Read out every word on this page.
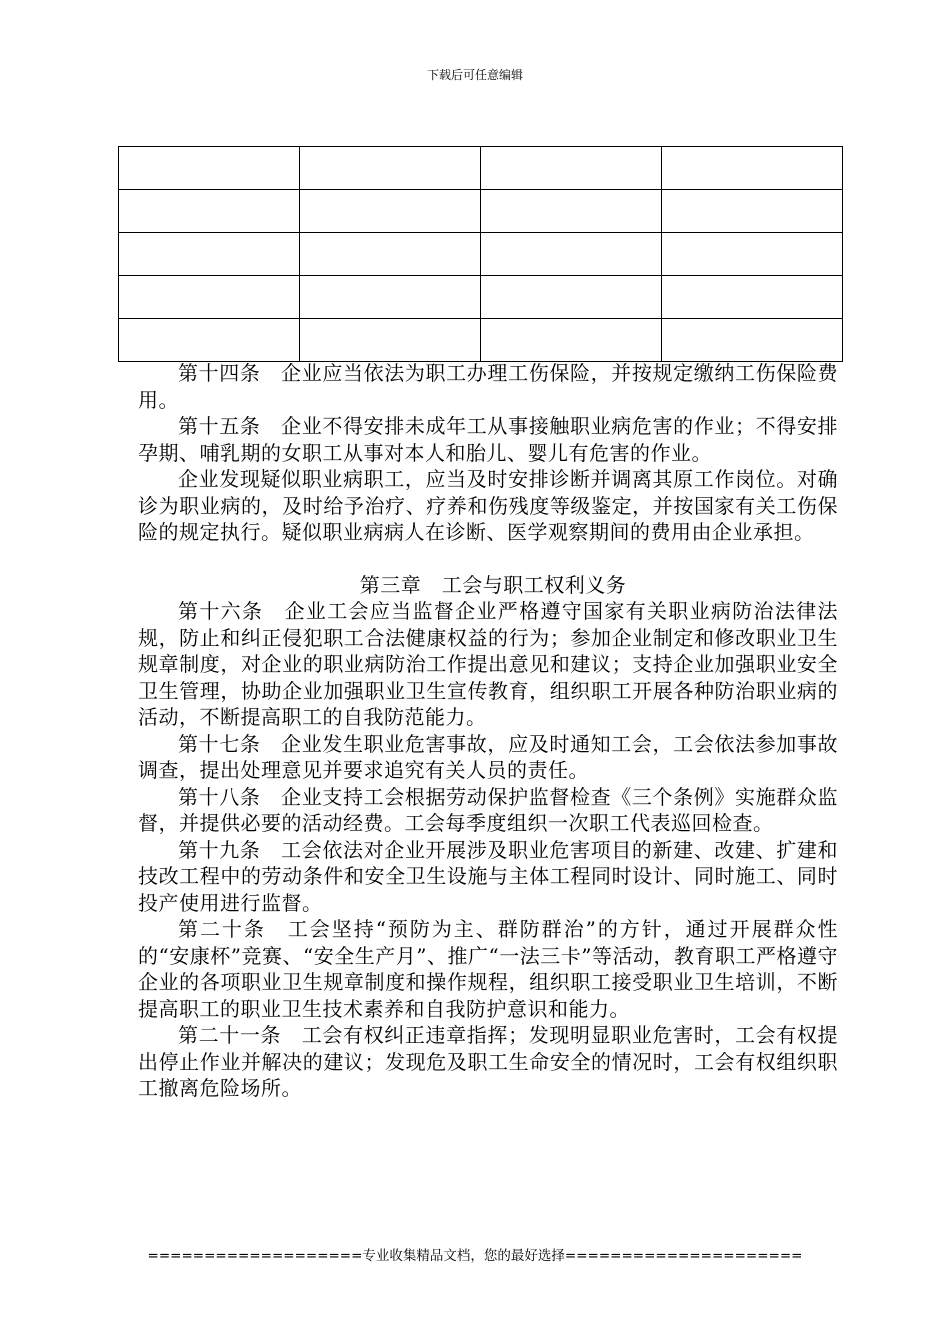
下载后可任意编辑

第十四条　企业应当依法为职工办理工伤保险，并按规定缴纳工伤保险费用。

第十五条　企业不得安排未成年工从事接触职业病危害的作业；不得安排孕期、哺乳期的女职工从事对本人和胎儿、婴儿有危害的作业。

企业发现疑似职业病职工，应当及时安排诊断并调离其原工作岗位。对确诊为职业病的，及时给予治疗、疗养和伤残度等级鉴定，并按国家有关工伤保险的规定执行。疑似职业病病人在诊断、医学观察期间的费用由企业承担。

第三章　工会与职工权利义务

第十六条　企业工会应当监督企业严格遵守国家有关职业病防治法律法规，防止和纠正侵犯职工合法健康权益的行为；参加企业制定和修改职业卫生规章制度，对企业的职业病防治工作提出意见和建议；支持企业加强职业安全卫生管理，协助企业加强职业卫生宣传教育，组织职工开展各种防治职业病的活动，不断提高职工的自我防范能力。

第十七条　企业发生职业危害事故，应及时通知工会，工会依法参加事故调查，提出处理意见并要求追究有关人员的责任。

第十八条　企业支持工会根据劳动保护监督检查《三个条例》实施群众监督，并提供必要的活动经费。工会每季度组织一次职工代表巡回检查。

第十九条　工会依法对企业开展涉及职业危害项目的新建、改建、扩建和技改工程中的劳动条件和安全卫生设施与主体工程同时设计、同时施工、同时投产使用进行监督。

第二十条　工会坚持“预防为主、群防群治”的方针，通过开展群众性的“安康杯”竞赛、“安全生产月”、推广“一法三卡”等活动，教育职工严格遵守企业的各项职业卫生规章制度和操作规程，组织职工接受职业卫生培训，不断提高职工的职业卫生技术素养和自我防护意识和能力。

第二十一条　工会有权纠正违章指挥；发现明显职业危害时，工会有权提出停止作业并解决的建议；发现危及职工生命安全的情况时，工会有权组织职工撤离危险场所。

===================专业收集精品文档，您的最好选择=====================
